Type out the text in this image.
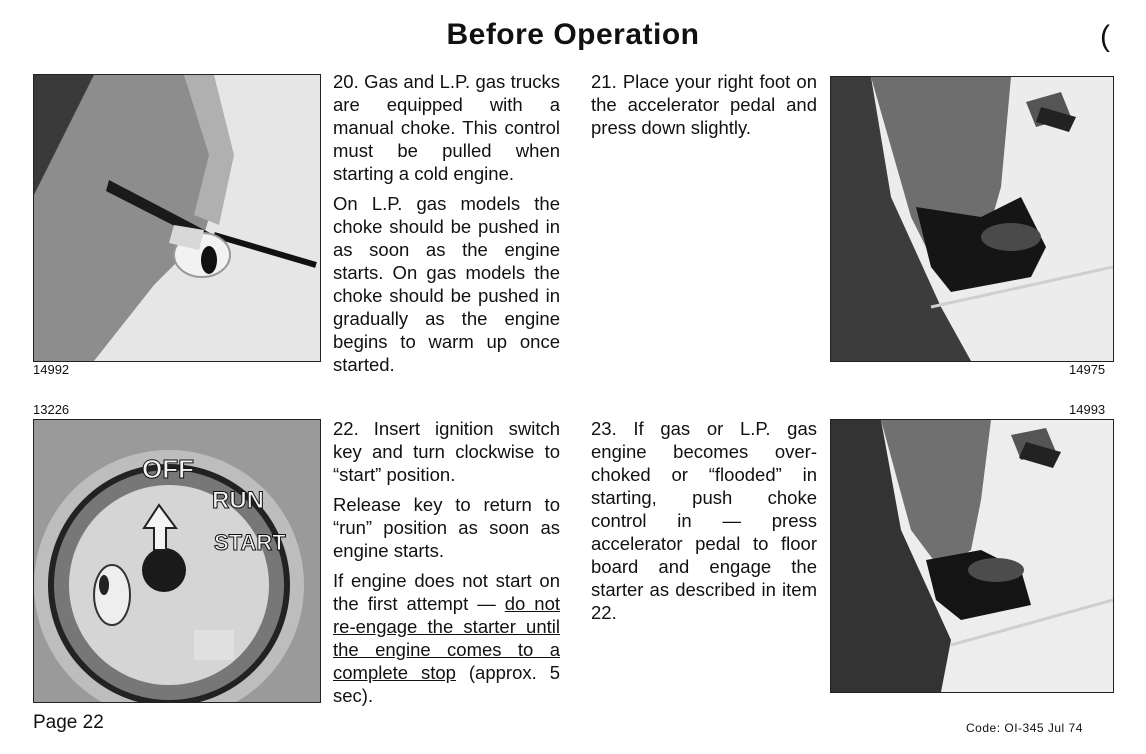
Before Operation	(
14992

20. Gas and L.P. gas trucks are equipped with a manual choke. This control must be pulled when starting a cold engine.

On L.P. gas models the choke should be pushed in as soon as the engine starts. On gas models the choke should be pushed in gradually as the engine begins to warm up once started.

21. Place your right foot on the accelerator pedal and press down slightly.

14975
13226
OFF
RUN
START

22. Insert ignition switch key and turn clockwise to “start” position.

Release key to return to “run” position as soon as engine starts.

If engine does not start on the first attempt — do not re-engage the starter until the engine comes to a complete stop (approx. 5 sec).

23. If gas or L.P. gas engine becomes over-choked or “flooded” in starting, push choke control in — press accelerator pedal to floor board and engage the starter as described in item 22.

14993
Page 22	Code: OI-345 Jul 74
